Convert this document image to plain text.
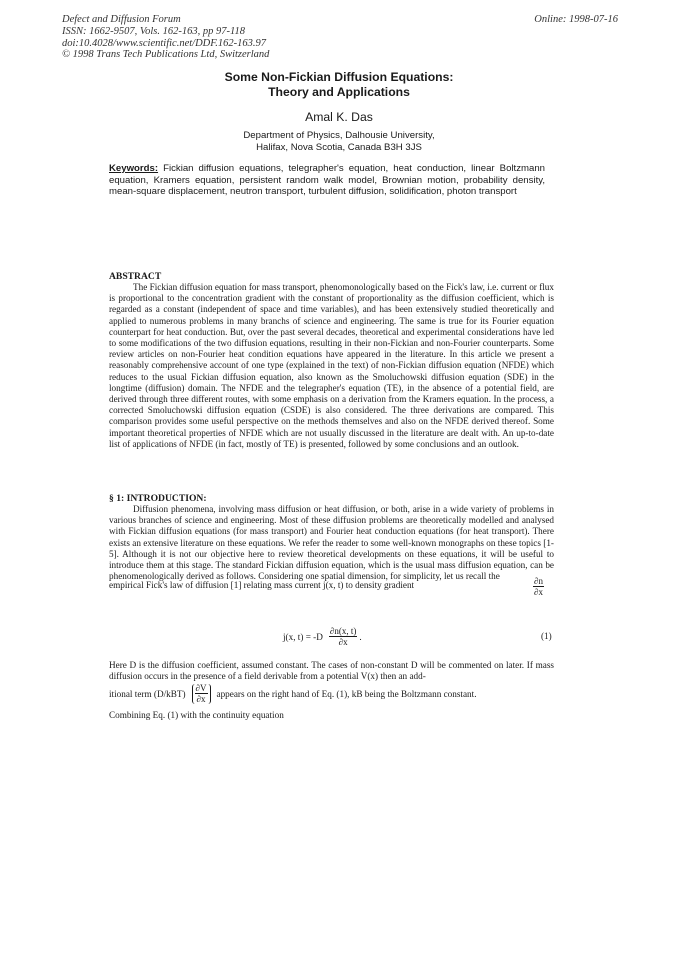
Defect and Diffusion Forum
ISSN: 1662-9507, Vols. 162-163, pp 97-118
doi:10.4028/www.scientific.net/DDF.162-163.97
© 1998 Trans Tech Publications Ltd, Switzerland
Online: 1998-07-16
Some Non-Fickian Diffusion Equations:
Theory and Applications
Amal K. Das
Department of Physics, Dalhousie University,
Halifax, Nova Scotia, Canada B3H 3JS
Keywords: Fickian diffusion equations, telegrapher's equation, heat conduction, linear Boltzmann equation, Kramers equation, persistent random walk model, Brownian motion, probability density, mean-square displacement, neutron transport, turbulent diffusion, solidification, photon transport
ABSTRACT
The Fickian diffusion equation for mass transport, phenomonologically based on the Fick's law, i.e. current or flux is proportional to the concentration gradient with the constant of proportionality as the diffusion coefficient, which is regarded as a constant (independent of space and time variables), and has been extensively studied theoretically and applied to numerous problems in many branchs of science and engineering. The same is true for its Fourier equation counterpart for heat conduction. But, over the past several decades, theoretical and experimental considerations have led to some modifications of the two diffusion equations, resulting in their non-Fickian and non-Fourier counterparts. Some review articles on non-Fourier heat condition equations have appeared in the literature. In this article we present a reasonably comprehensive account of one type (explained in the text) of non-Fickian diffusion equation (NFDE) which reduces to the usual Fickian diffusion equation, also known as the Smoluchowski diffusion equation (SDE) in the longtime (diffusion) domain. The NFDE and the telegrapher's equation (TE), in the absence of a potential field, are derived through three different routes, with some emphasis on a derivation from the Kramers equation. In the process, a corrected Smoluchowski diffusion equation (CSDE) is also considered. The three derivations are compared. This comparison provides some useful perspective on the methods themselves and also on the NFDE derived thereof. Some important theoretical properties of NFDE which are not usually discussed in the literature are dealt with. An up-to-date list of applications of NFDE (in fact, mostly of TE) is presented, followed by some conclusions and an outlook.
§ 1: INTRODUCTION:
Diffusion phenomena, involving mass diffusion or heat diffusion, or both, arise in a wide variety of problems in various branches of science and engineering. Most of these diffusion problems are theoretically modelled and analysed with Fickian diffusion equations (for mass transport) and Fourier heat conduction equations (for heat transport). There exists an extensive literature on these equations. We refer the reader to some well-known monographs on these topics [1-5]. Although it is not our objective here to review theoretical developments on these equations, it will be useful to introduce them at this stage. The standard Fickian diffusion equation, which is the usual mass diffusion equation, can be phenomenologically derived as follows. Considering one spatial dimension, for simplicity, let us recall the
empirical Fick's law of diffusion [1] relating mass current j(x, t) to density gradient	$\frac{\partial n}{\partial x}$
j(x, $t) = -D \frac{\partial n(x, t)}{\partial x}$ .	(1)
Here D is the diffusion coefficient, assumed constant. The cases of non-constant D will be commented on later. If mass diffusion occurs in the presence of a field derivable from a potential V(x) then an add-
itional term $(D/kBT) \frac{\partial V}{\partial x}$ appears on the right hand of Eq. (1), kB being the Boltzmann constant.
Combining Eq. (1) with the continuity equation
